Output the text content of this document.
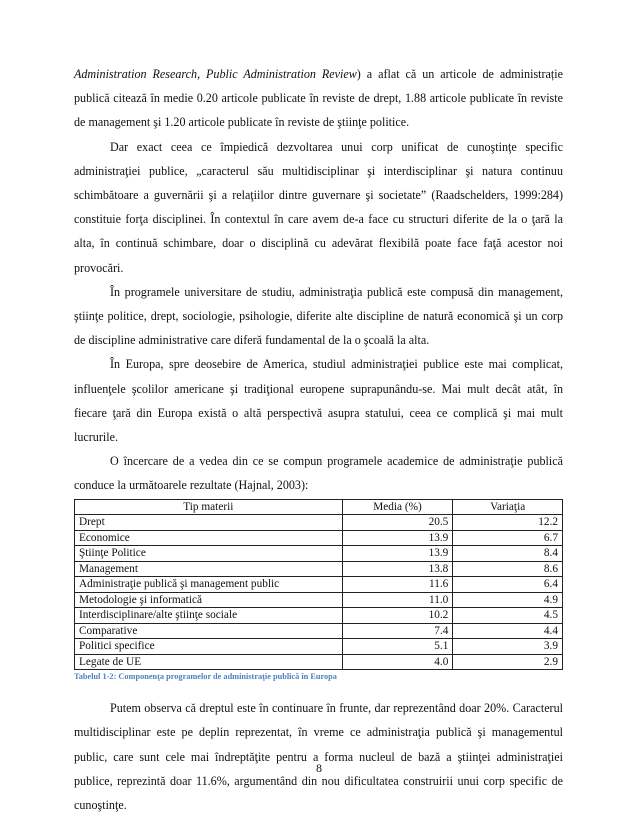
Administration Research, Public Administration Review) a aflat că un articole de administrație publică citează în medie 0.20 articole publicate în reviste de drept, 1.88 articole publicate în reviste de management şi 1.20 articole publicate în reviste de ştiinţe politice.

Dar exact ceea ce împiedică dezvoltarea unui corp unificat de cunoştinţe specific administraţiei publice, „caracterul său multidisciplinar şi interdisciplinar şi natura continuu schimbătoare a guvernării şi a relaţiilor dintre guvernare şi societate” (Raadschelders, 1999:284) constituie forţa disciplinei. În contextul în care avem de-a face cu structuri diferite de la o ţară la alta, în continuă schimbare, doar o disciplină cu adevărat flexibilă poate face faţă acestor noi provocări.

În programele universitare de studiu, administraţia publică este compusă din management, ştiinţe politice, drept, sociologie, psihologie, diferite alte discipline de natură economică şi un corp de discipline administrative care diferă fundamental de la o şcoală la alta.

În Europa, spre deosebire de America, studiul administraţiei publice este mai complicat, influenţele şcolilor americane şi tradiţional europene suprapunându-se. Mai mult decât atât, în fiecare ţară din Europa există o altă perspectivă asupra statului, ceea ce complică şi mai mult lucrurile.

O încercare de a vedea din ce se compun programele academice de administraţie publică conduce la următoarele rezultate (Hajnal, 2003):

Tip materii	Media (%)	Variaţia
Drept	20.5	12.2
Economice	13.9	6.7
Ştiinţe Politice	13.9	8.4
Management	13.8	8.6
Administraţie publică şi management public	11.6	6.4
Metodologie şi informatică	11.0	4.9
Interdisciplinare/alte ştiinţe sociale	10.2	4.5
Comparative	7.4	4.4
Politici specifice	5.1	3.9
Legate de UE	4.0	2.9
Tabelul 1-2: Componenţa programelor de administraţie publică în Europa

Putem observa că dreptul este în continuare în frunte, dar reprezentând doar 20%. Caracterul multidisciplinar este pe deplin reprezentat, în vreme ce administraţia publică şi managementul public, care sunt cele mai îndreptăţite pentru a forma nucleul de bază a ştiinţei administraţiei publice, reprezintă doar 11.6%, argumentând din nou dificultatea construirii unui corp specific de cunoştinţe.

8
